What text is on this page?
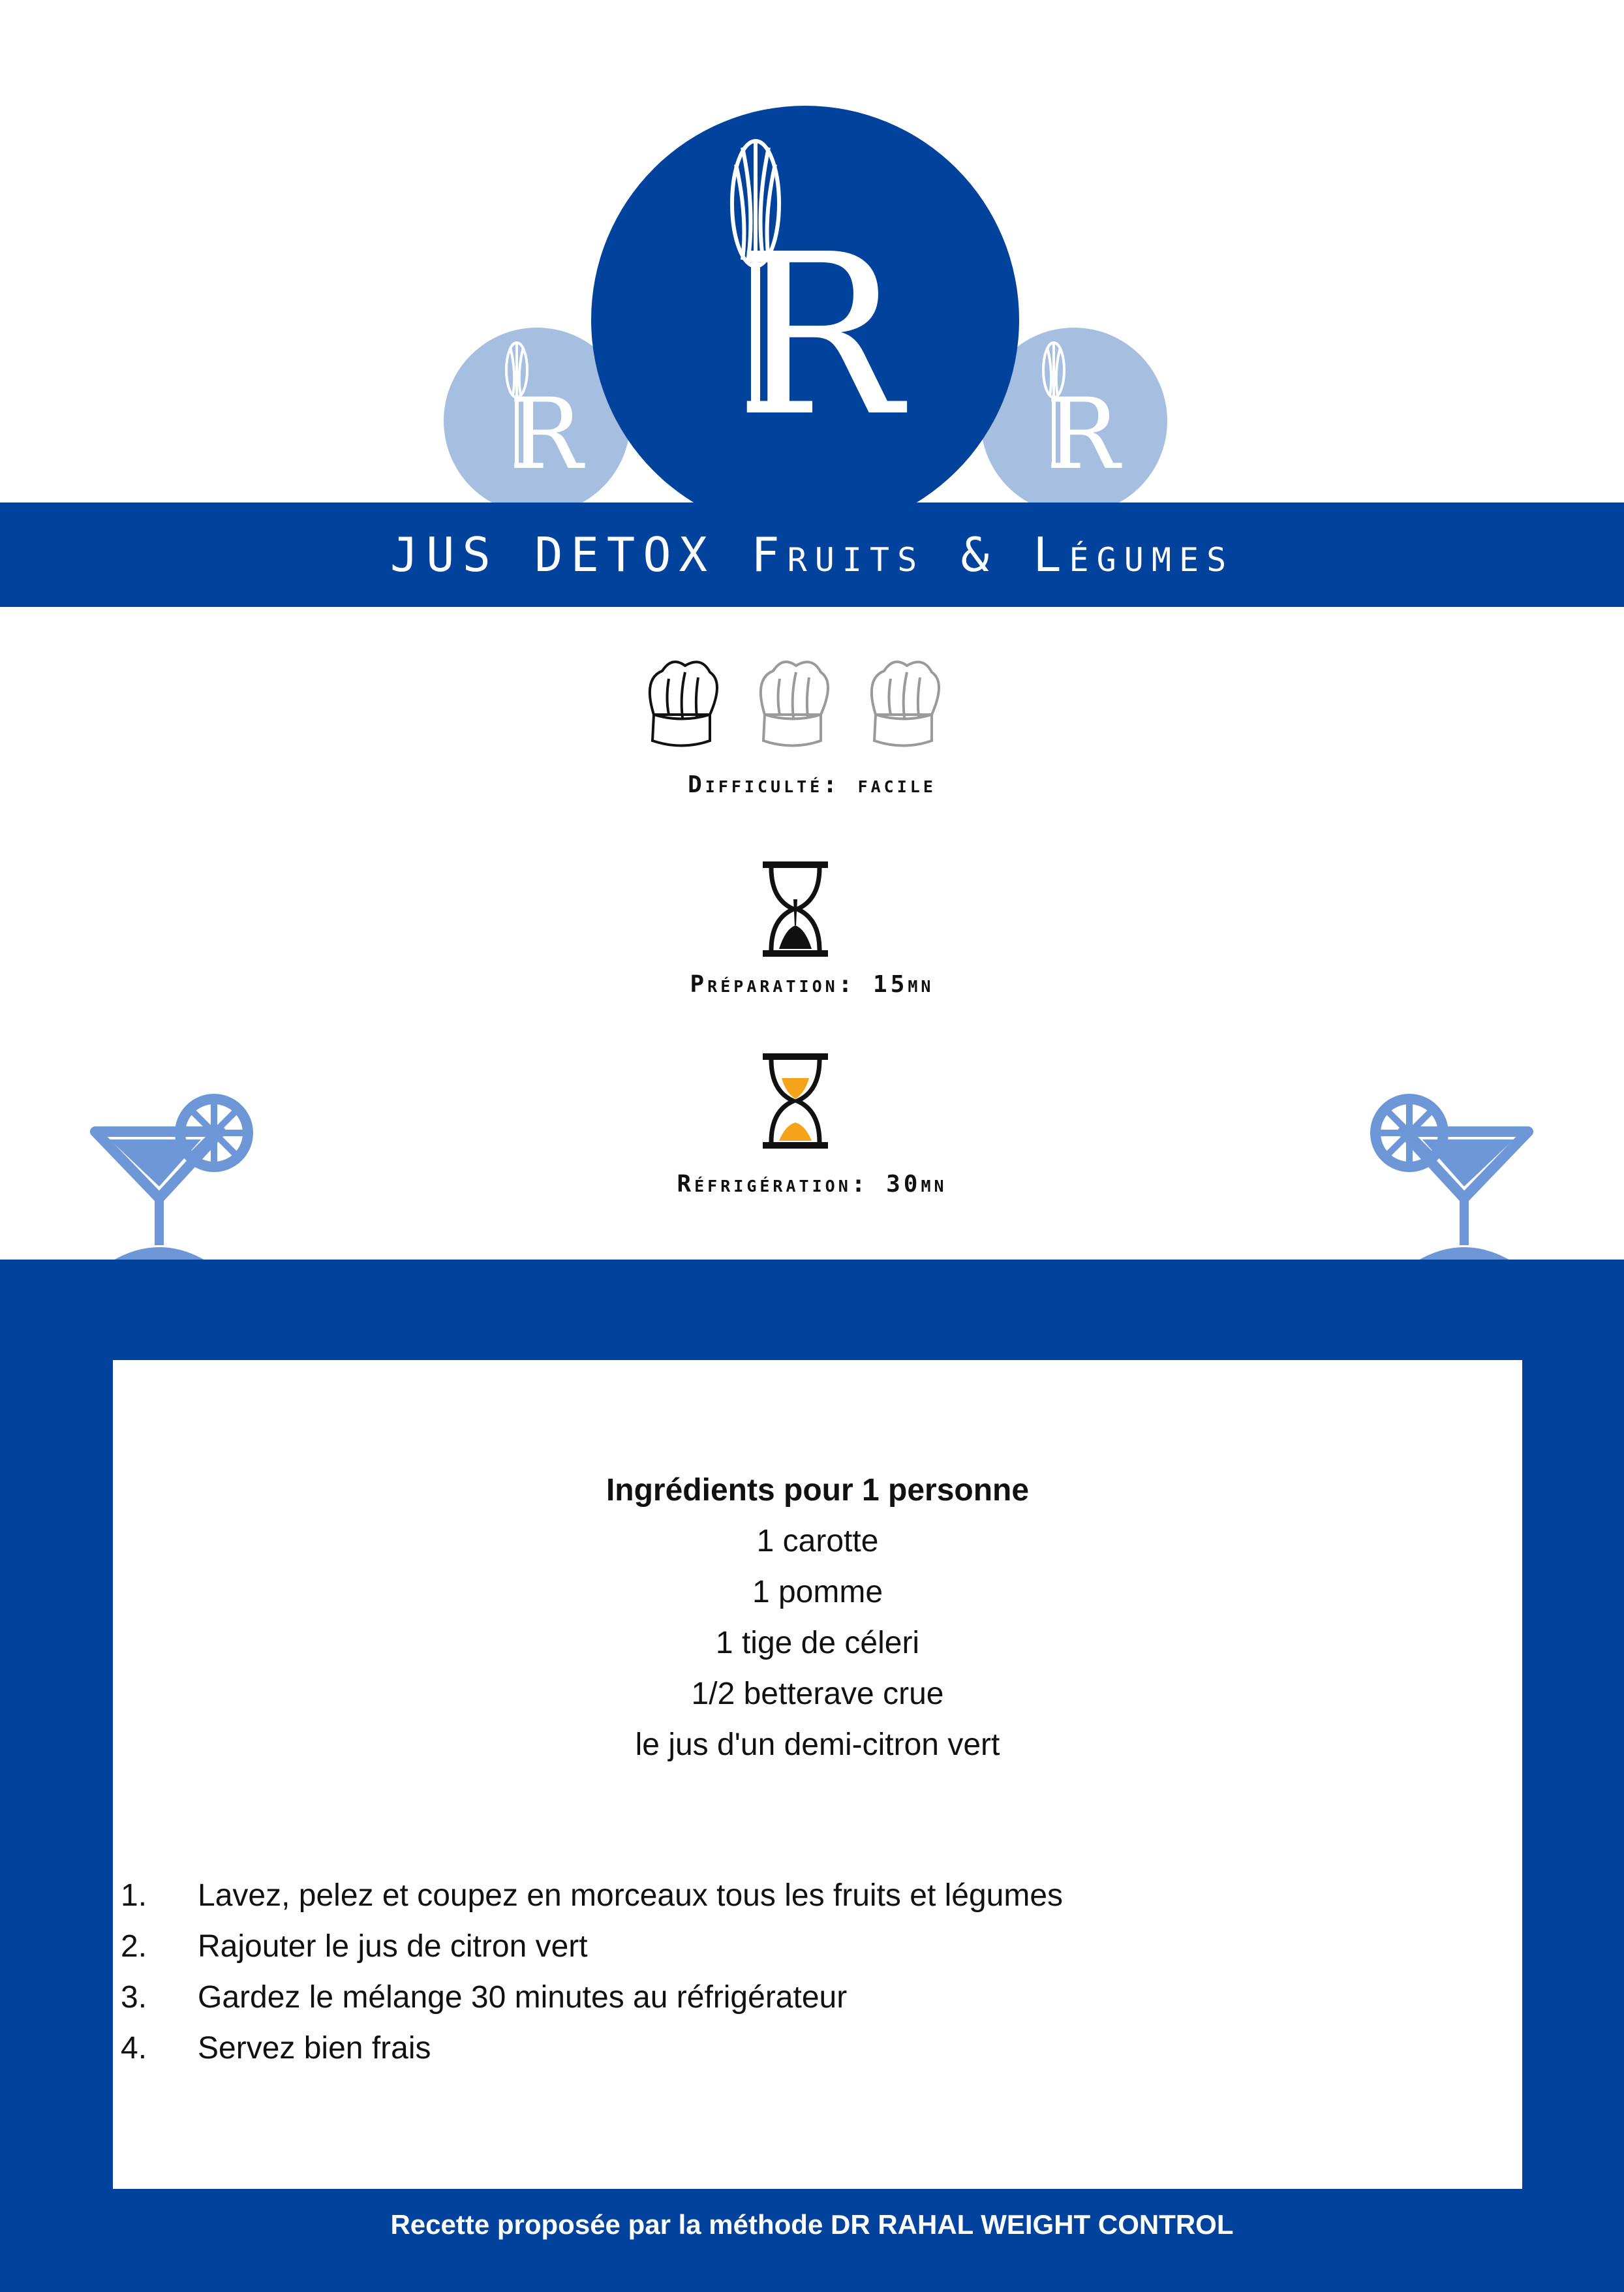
R	R
R
JUS DETOX Fruits & Légumes
Difficulté: facile
Préparation: 15mn
Réfrigération: 30mn
Ingrédients pour 1 personne
1 carotte
1 pomme
1 tige de céleri
1/2 betterave crue
le jus d'un demi-citron vert
1. Lavez, pelez et coupez en morceaux tous les fruits et légumes
2. Rajouter le jus de citron vert
3. Gardez le mélange 30 minutes au réfrigérateur
4. Servez bien frais
Recette proposée par la méthode DR RAHAL WEIGHT CONTROL
